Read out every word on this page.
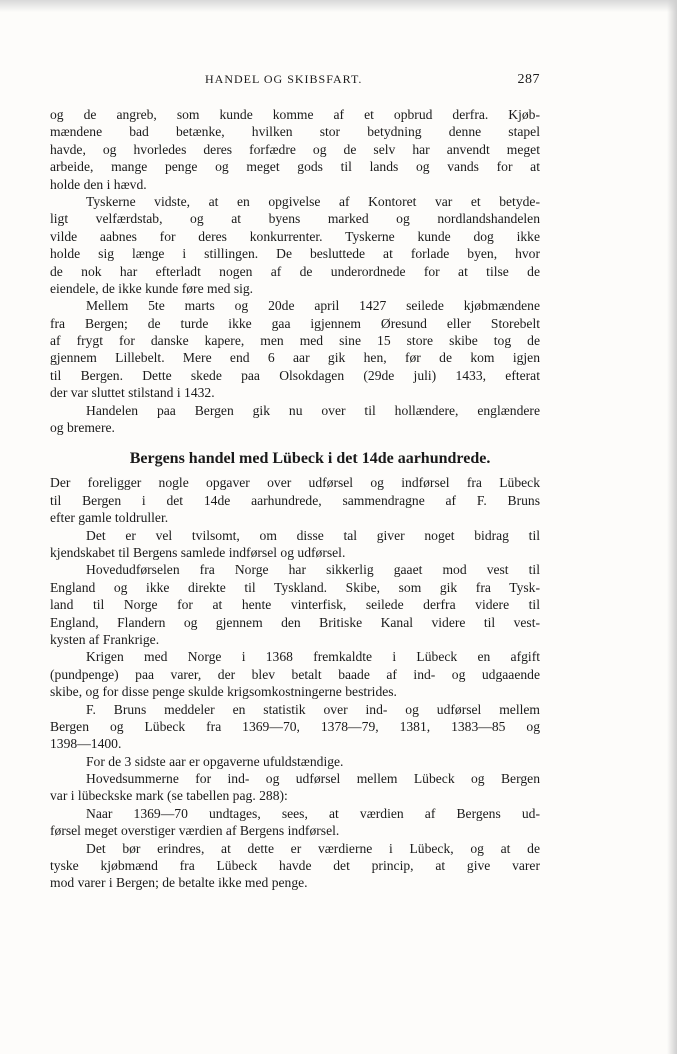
HANDEL OG SKIBSFART.	287
og de angreb, som kunde komme af et opbrud derfra. Kjøb-
mændene bad betænke, hvilken stor betydning denne stapel
havde, og hvorledes deres forfædre og de selv har anvendt meget
arbeide, mange penge og meget gods til lands og vands for at
holde den i hævd.
Tyskerne vidste, at en opgivelse af Kontoret var et betyde-
ligt velfærdstab, og at byens marked og nordlandshandelen
vilde aabnes for deres konkurrenter. Tyskerne kunde dog ikke
holde sig længe i stillingen. De besluttede at forlade byen, hvor
de nok har efterladt nogen af de underordnede for at tilse de
eiendele, de ikke kunde føre med sig.
Mellem 5te marts og 20de april 1427 seilede kjøbmændene
fra Bergen; de turde ikke gaa igjennem Øresund eller Storebelt
af frygt for danske kapere, men med sine 15 store skibe tog de
gjennem Lillebelt. Mere end 6 aar gik hen, før de kom igjen
til Bergen. Dette skede paa Olsokdagen (29de juli) 1433, efterat
der var sluttet stilstand i 1432.
Handelen paa Bergen gik nu over til hollændere, englændere
og bremere.
Bergens handel med Lübeck i det 14de aarhundrede.
Der foreligger nogle opgaver over udførsel og indførsel fra Lübeck
til Bergen i det 14de aarhundrede, sammendragne af F. Bruns
efter gamle toldruller.
Det er vel tvilsomt, om disse tal giver noget bidrag til
kjendskabet til Bergens samlede indførsel og udførsel.
Hovedudførselen fra Norge har sikkerlig gaaet mod vest til
England og ikke direkte til Tyskland. Skibe, som gik fra Tysk-
land til Norge for at hente vinterfisk, seilede derfra videre til
England, Flandern og gjennem den Britiske Kanal videre til vest-
kysten af Frankrige.
Krigen med Norge i 1368 fremkaldte i Lübeck en afgift
(pundpenge) paa varer, der blev betalt baade af ind- og udgaaende
skibe, og for disse penge skulde krigsomkostningerne bestrides.
F. Bruns meddeler en statistik over ind- og udførsel mellem
Bergen og Lübeck fra 1369—70, 1378—79, 1381, 1383—85 og
1398—1400.
For de 3 sidste aar er opgaverne ufuldstændige.
Hovedsummerne for ind- og udførsel mellem Lübeck og Bergen
var i lübeckske mark (se tabellen pag. 288):
Naar 1369—70 undtages, sees, at værdien af Bergens ud-
førsel meget overstiger værdien af Bergens indførsel.
Det bør erindres, at dette er værdierne i Lübeck, og at de
tyske kjøbmænd fra Lübeck havde det princip, at give varer
mod varer i Bergen; de betalte ikke med penge.
